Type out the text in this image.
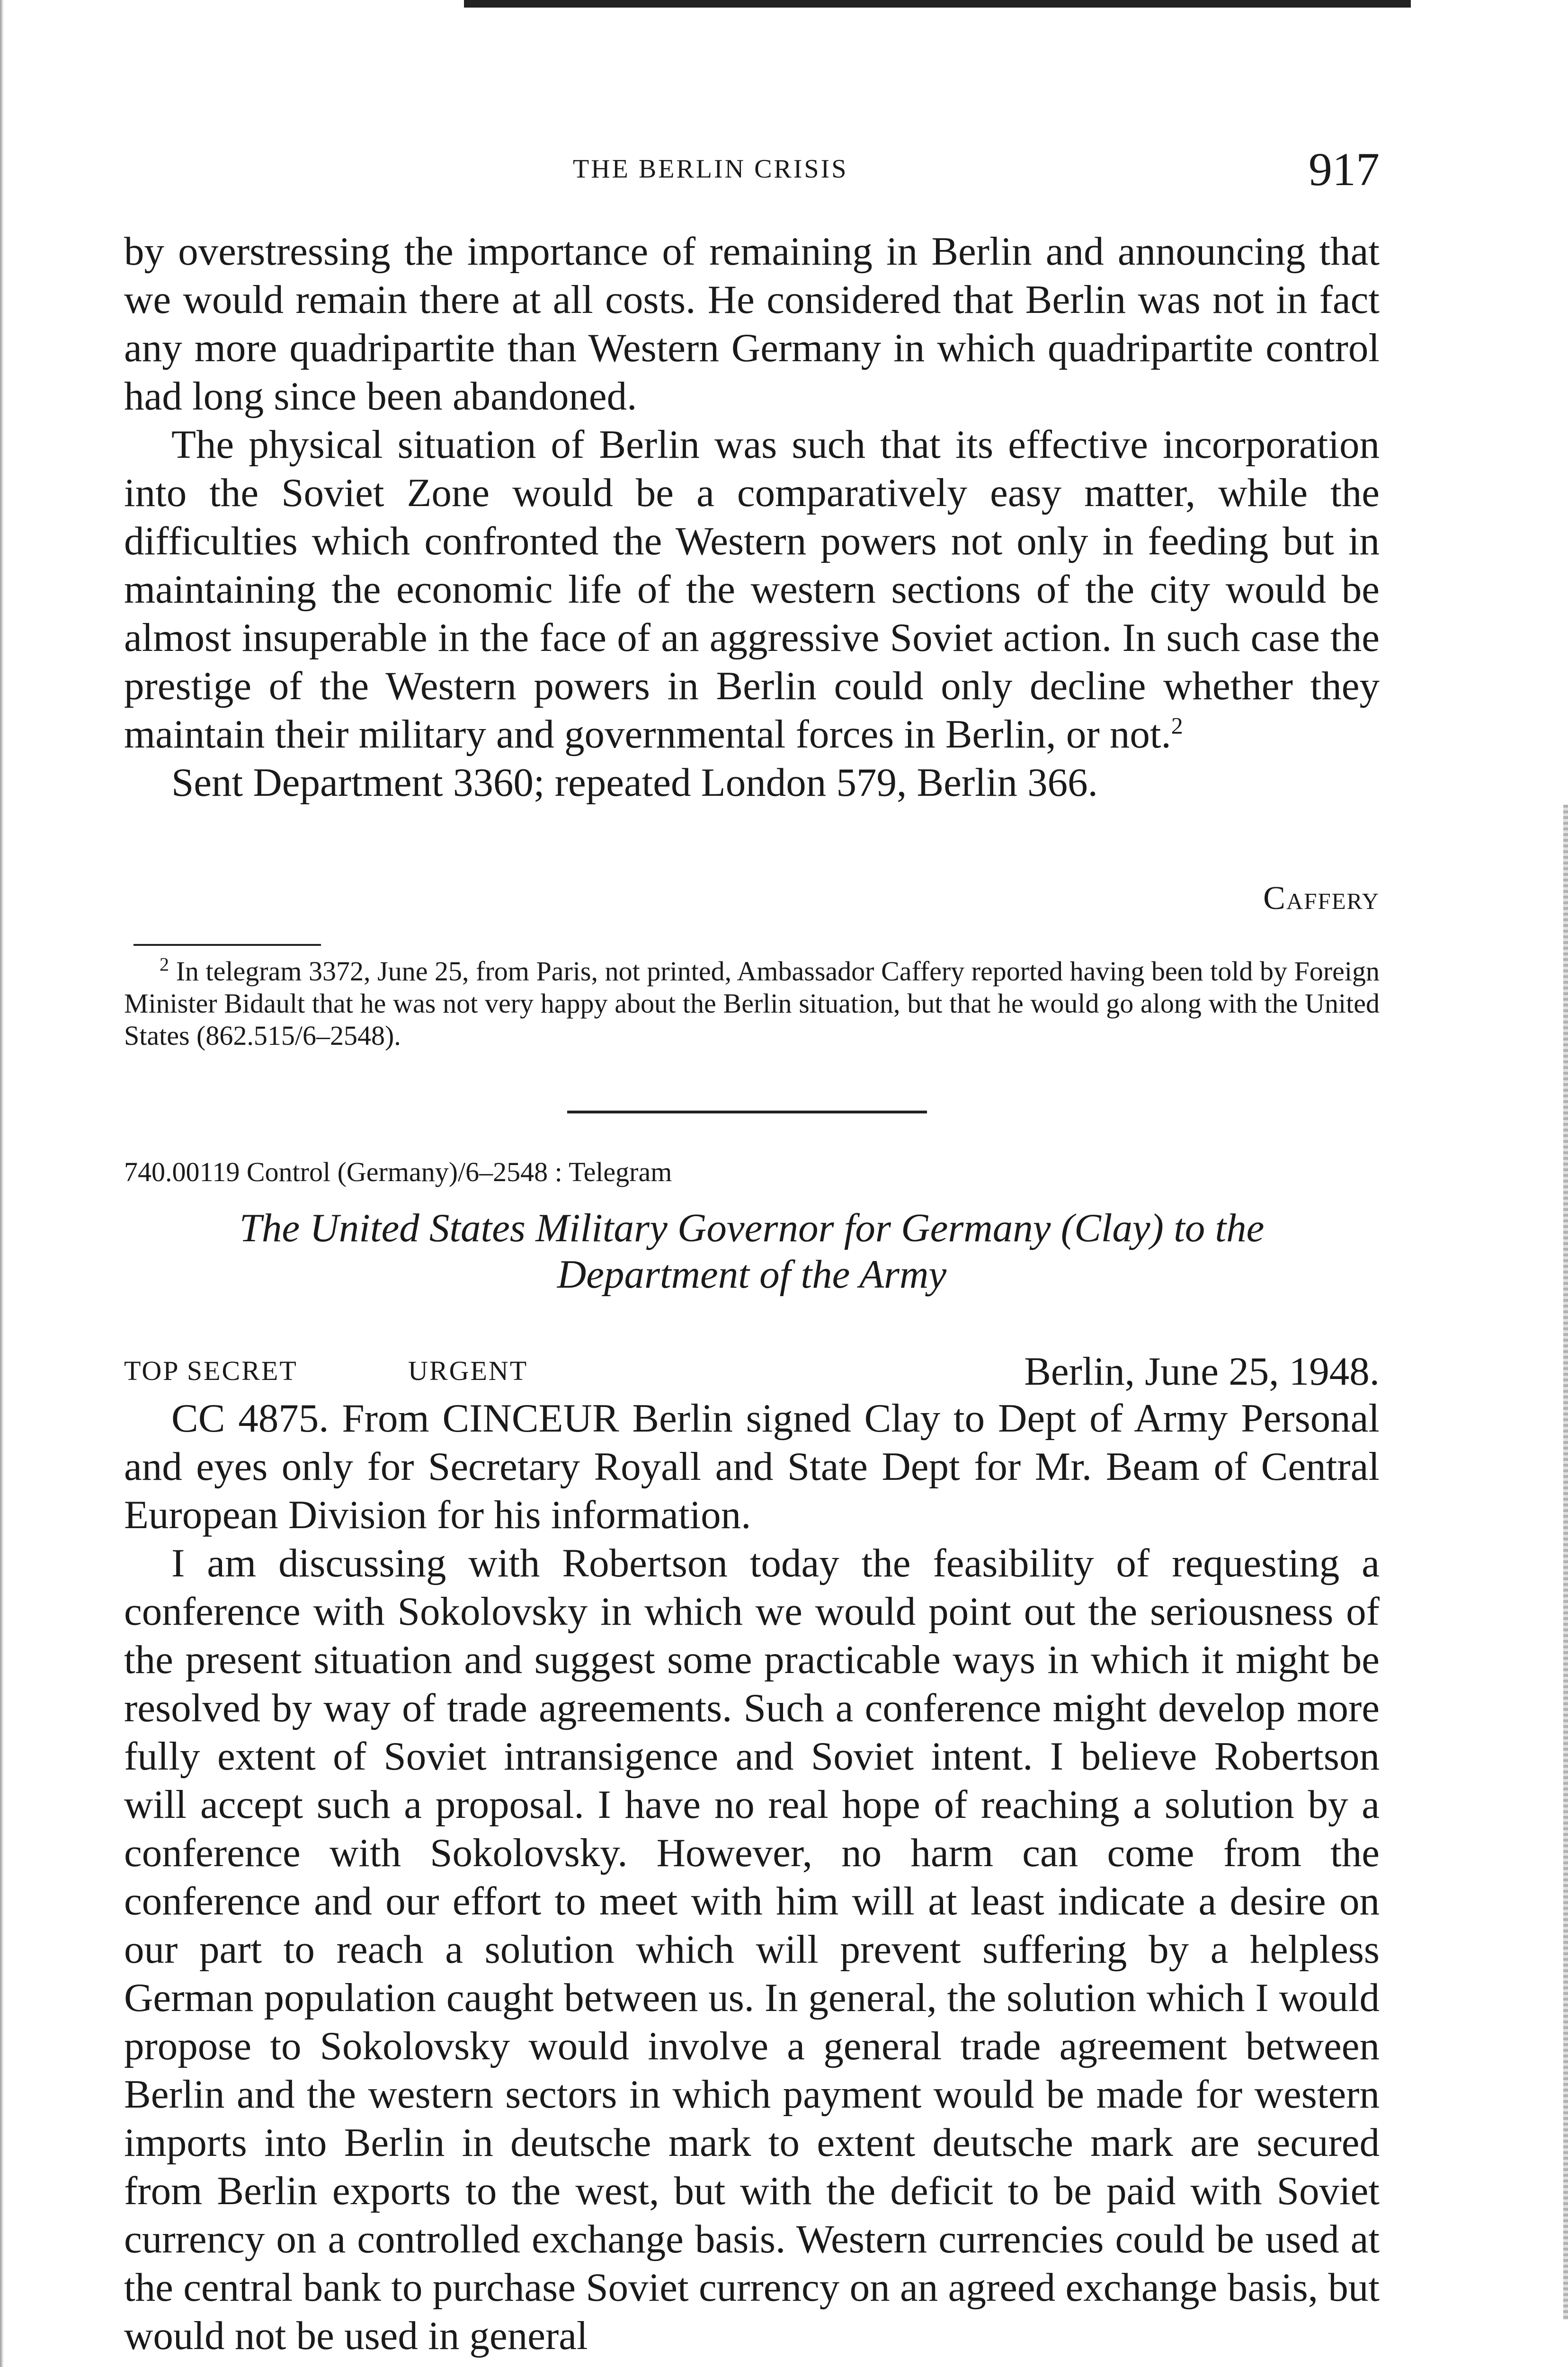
THE BERLIN CRISIS	917

by overstressing the importance of remaining in Berlin and announcing that we would remain there at all costs. He considered that Berlin was not in fact any more quadripartite than Western Germany in which quadripartite control had long since been abandoned.

The physical situation of Berlin was such that its effective incorporation into the Soviet Zone would be a comparatively easy matter, while the difficulties which confronted the Western powers not only in feeding but in maintaining the economic life of the western sections of the city would be almost insuperable in the face of an aggressive Soviet action. In such case the prestige of the Western powers in Berlin could only decline whether they maintain their military and governmental forces in Berlin, or not.$^2$

Sent Department 3360; repeated London 579, Berlin 366.

Caffery

$^2$ In telegram 3372, June 25, from Paris, not printed, Ambassador Caffery reported having been told by Foreign Minister Bidault that he was not very happy about the Berlin situation, but that he would go along with the United States (862.515/6–2548).

740.00119 Control (Germany)/6–2548 : Telegram
The United States Military Governor for Germany (Clay) to the
Department of the Army
TOP SECRET	URGENT	Berlin, June 25, 1948.

CC 4875. From CINCEUR Berlin signed Clay to Dept of Army Personal and eyes only for Secretary Royall and State Dept for Mr. Beam of Central European Division for his information.

I am discussing with Robertson today the feasibility of requesting a conference with Sokolovsky in which we would point out the seriousness of the present situation and suggest some practicable ways in which it might be resolved by way of trade agreements. Such a conference might develop more fully extent of Soviet intransigence and Soviet intent. I believe Robertson will accept such a proposal. I have no real hope of reaching a solution by a conference with Sokolovsky. However, no harm can come from the conference and our effort to meet with him will at least indicate a desire on our part to reach a solution which will prevent suffering by a helpless German population caught between us. In general, the solution which I would propose to Sokolovsky would involve a general trade agreement between Berlin and the western sectors in which payment would be made for western imports into Berlin in deutsche mark to extent deutsche mark are secured from Berlin exports to the west, but with the deficit to be paid with Soviet currency on a controlled exchange basis. Western currencies could be used at the central bank to purchase Soviet currency on an agreed exchange basis, but would not be used in general
